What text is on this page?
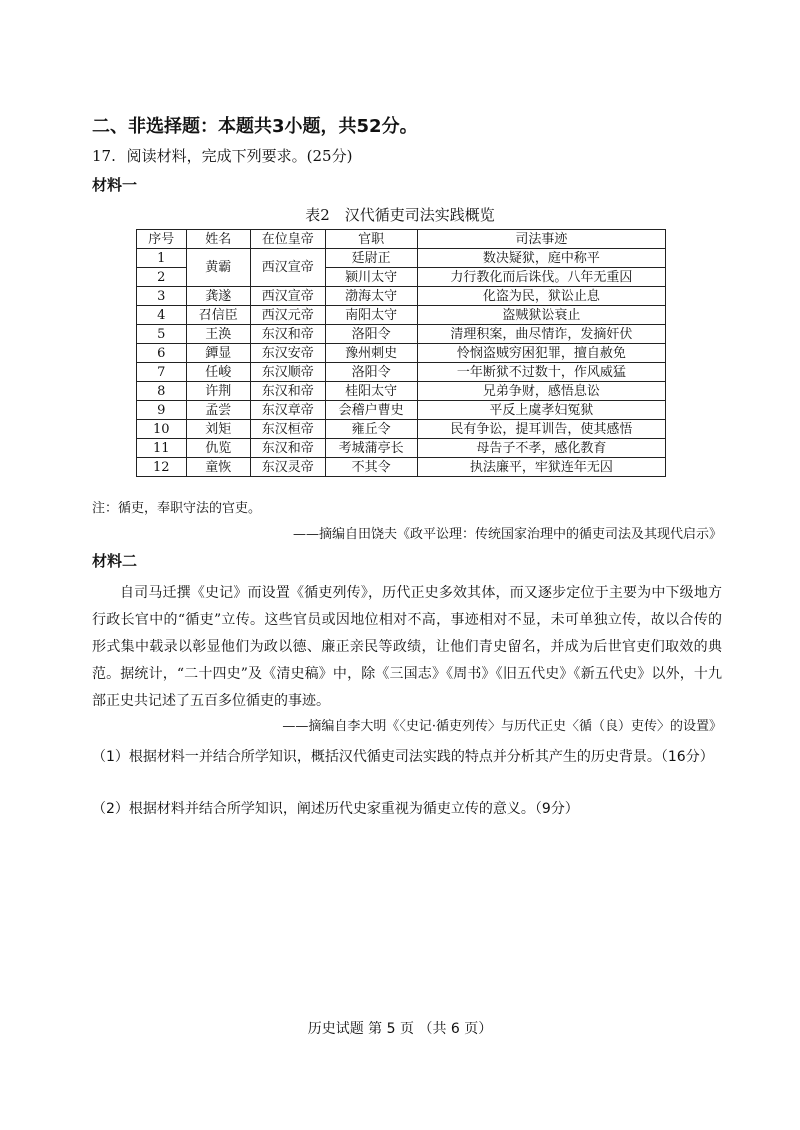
二、非选择题：本题共3小题，共52分。
17. 阅读材料，完成下列要求。(25分)
材料一
表2　汉代循吏司法实践概览
序号	姓名	在位皇帝	官职	司法事迹
1	黄霸	西汉宣帝	廷尉正	数决疑狱，庭中称平
2			颍川太守	力行教化而后诛伐。八年无重囚
3	龚遂	西汉宣帝	渤海太守	化盗为民，狱讼止息
4	召信臣	西汉元帝	南阳太守	盗贼狱讼衰止
5	王涣	东汉和帝	洛阳令	清理积案，曲尽情诈，发摘奸伏
6	鐔显	东汉安帝	豫州刺史	怜悯盗贼穷困犯罪，擅自赦免
7	任峻	东汉顺帝	洛阳令	一年断狱不过数十，作风威猛
8	许荆	东汉和帝	桂阳太守	兄弟争财，感悟息讼
9	孟尝	东汉章帝	会稽户曹史	平反上虞孝妇冤狱
10	刘矩	东汉桓帝	雍丘令	民有争讼，提耳训告，使其感悟
11	仇览	东汉和帝	考城蒲亭长	母告子不孝，感化教育
12	童恢	东汉灵帝	不其令	执法廉平，牢狱连年无囚
注：循吏，奉职守法的官吏。
——摘编自田饶夫《政平讼理：传统国家治理中的循吏司法及其现代启示》
材料二
自司马迁撰《史记》而设置《循吏列传》，历代正史多效其体，而又逐步定位于主要为中下级地方行政长官中的“循吏”立传。这些官员或因地位相对不高，事迹相对不显，未可单独立传，故以合传的形式集中载录以彰显他们为政以德、廉正亲民等政绩，让他们青史留名，并成为后世官吏们取效的典范。据统计，“二十四史”及《清史稿》中，除《三国志》《周书》《旧五代史》《新五代史》以外，十九部正史共记述了五百多位循吏的事迹。
——摘编自李大明《〈史记·循吏列传〉与历代正史〈循（良）吏传〉的设置》
（1）根据材料一并结合所学知识，概括汉代循吏司法实践的特点并分析其产生的历史背景。（16分）
（2）根据材料并结合所学知识，阐述历代史家重视为循吏立传的意义。（9分）
历史试题 第 5 页 （共 6 页）
